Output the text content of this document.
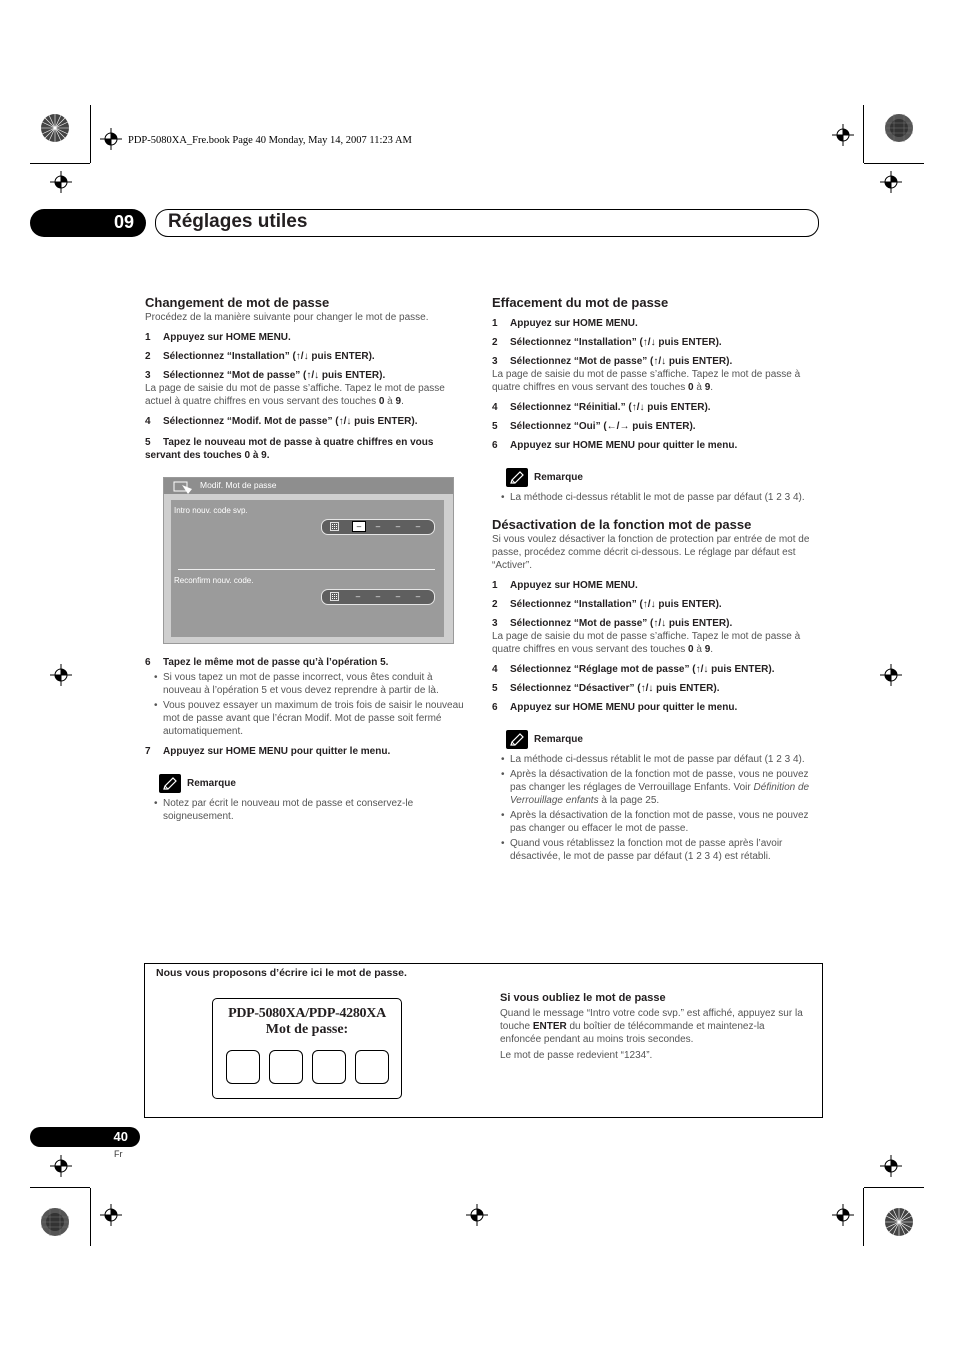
PDP-5080XA_Fre.book Page 40 Monday, May 14, 2007 11:23 AM
09 Réglages utiles
Changement de mot de passe
Procédez de la manière suivante pour changer le mot de passe.
1	Appuyez sur HOME MENU.
2	Sélectionnez “Installation” (↑/↓ puis ENTER).
3	Sélectionnez “Mot de passe” (↑/↓ puis ENTER).
La page de saisie du mot de passe s’affiche. Tapez le mot de passe actuel à quatre chiffres en vous servant des touches 0 à 9.
4	Sélectionnez “Modif. Mot de passe” (↑/↓ puis ENTER).
5 Tapez le nouveau mot de passe à quatre chiffres en vous servant des touches 0 à 9.
Modif. Mot de passe
Intro nouv. code svp.
–	–	–	–
Reconfirm nouv. code.
–	–	–	–
6	Tapez le même mot de passe qu’à l’opération 5.
• Si vous tapez un mot de passe incorrect, vous êtes conduit à nouveau à l’opération 5 et vous devez reprendre à partir de là.
• Vous pouvez essayer un maximum de trois fois de saisir le nouveau mot de passe avant que l’écran Modif. Mot de passe soit fermé automatiquement.
7	Appuyez sur HOME MENU pour quitter le menu.
Remarque
• Notez par écrit le nouveau mot de passe et conservez-le soigneusement.
Effacement du mot de passe
1	Appuyez sur HOME MENU.
2	Sélectionnez “Installation” (↑/↓ puis ENTER).
3	Sélectionnez “Mot de passe” (↑/↓ puis ENTER).
La page de saisie du mot de passe s’affiche. Tapez le mot de passe à quatre chiffres en vous servant des touches 0 à 9.
4	Sélectionnez “Réinitial.” (↑/↓ puis ENTER).
5	Sélectionnez “Oui” (←/→ puis ENTER).
6	Appuyez sur HOME MENU pour quitter le menu.
Remarque
• La méthode ci-dessus rétablit le mot de passe par défaut (1 2 3 4).
Désactivation de la fonction mot de passe
Si vous voulez désactiver la fonction de protection par entrée de mot de passe, procédez comme décrit ci-dessous. Le réglage par défaut est “Activer”.
1	Appuyez sur HOME MENU.
2	Sélectionnez “Installation” (↑/↓ puis ENTER).
3	Sélectionnez “Mot de passe” (↑/↓ puis ENTER).
La page de saisie du mot de passe s’affiche. Tapez le mot de passe à quatre chiffres en vous servant des touches 0 à 9.
4	Sélectionnez “Réglage mot de passe” (↑/↓ puis ENTER).
5	Sélectionnez “Désactiver” (↑/↓ puis ENTER).
6	Appuyez sur HOME MENU pour quitter le menu.
Remarque
• La méthode ci-dessus rétablit le mot de passe par défaut (1 2 3 4).
• Après la désactivation de la fonction mot de passe, vous ne pouvez pas changer les réglages de Verrouillage Enfants. Voir Définition de Verrouillage enfants à la page 25.
• Après la désactivation de la fonction mot de passe, vous ne pouvez pas changer ou effacer le mot de passe.
• Quand vous rétablissez la fonction mot de passe après l’avoir désactivée, le mot de passe par défaut (1 2 3 4) est rétabli.
Nous vous proposons d’écrire ici le mot de passe.
PDP-5080XA/PDP-4280XA
Mot de passe:
Si vous oubliez le mot de passe
Quand le message “Intro votre code svp.” est affiché, appuyez sur la touche ENTER du boîtier de télécommande et maintenez-la enfoncée pendant au moins trois secondes.
Le mot de passe redevient “1234”.
40
Fr
